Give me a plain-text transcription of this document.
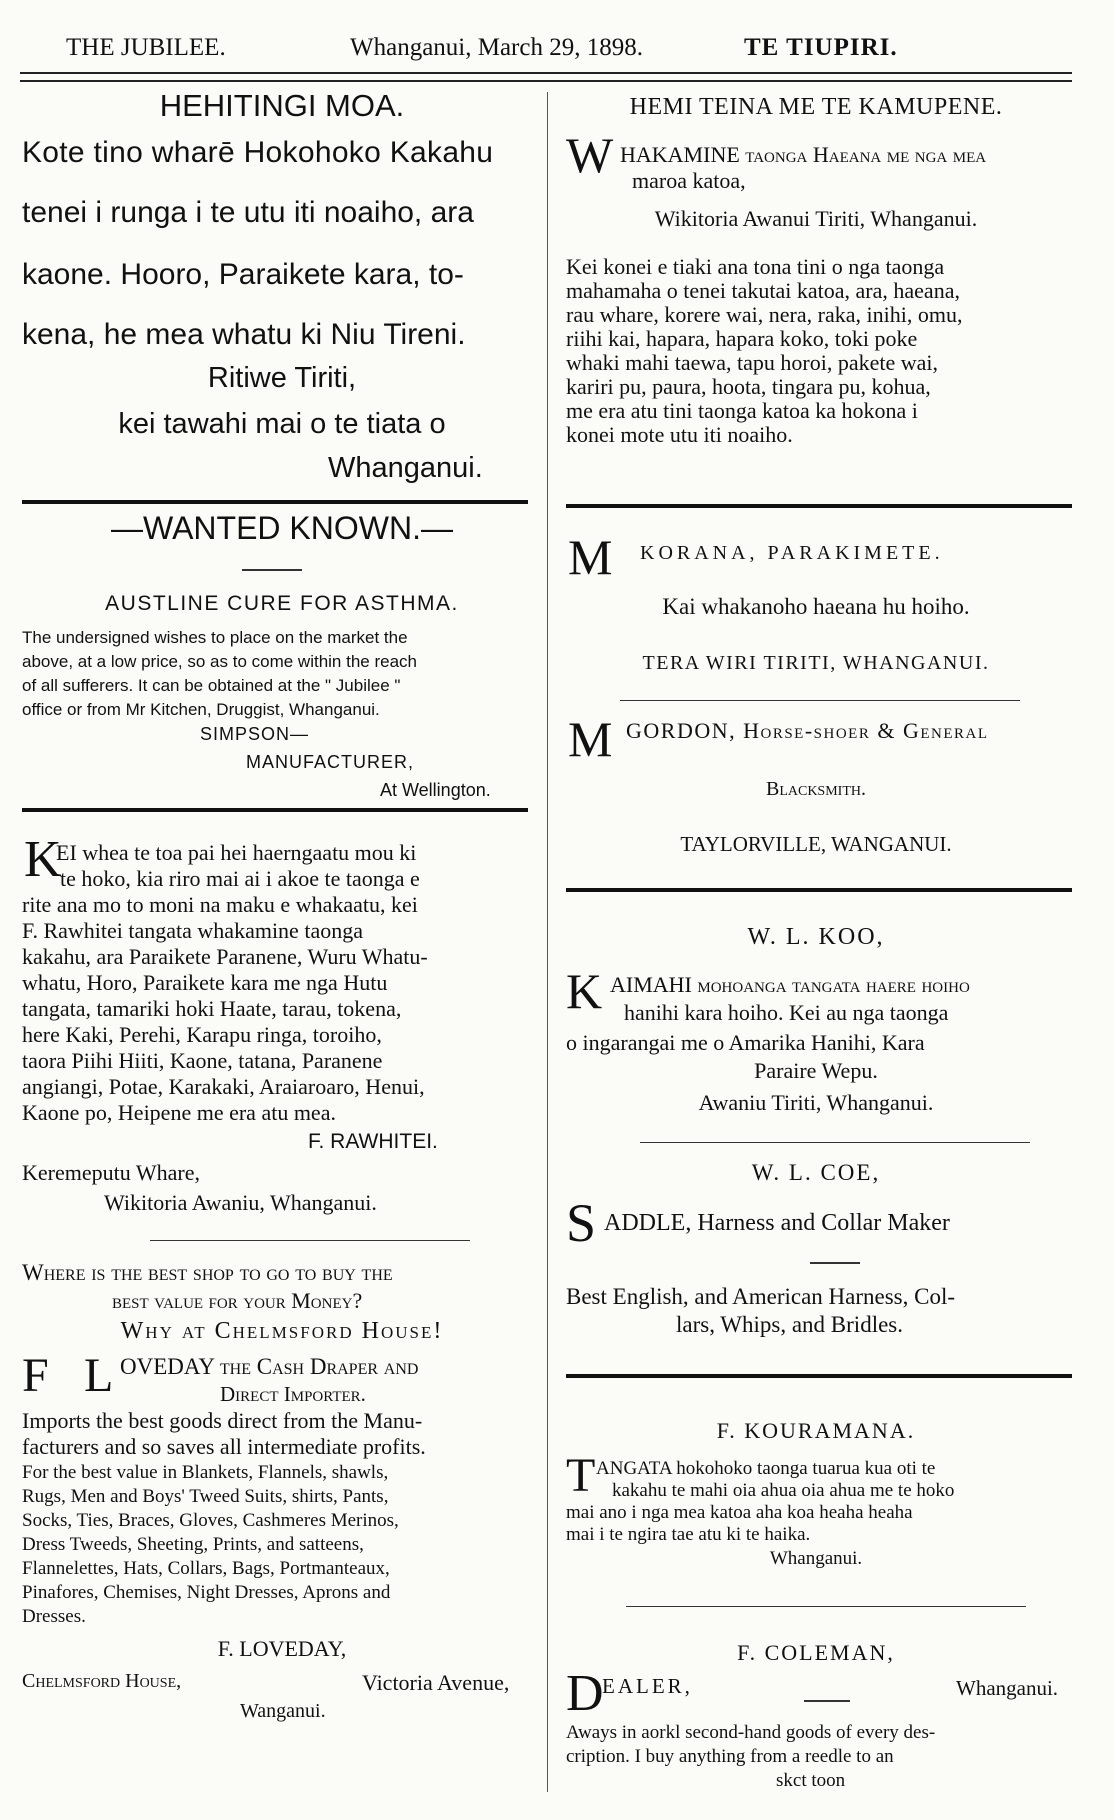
THE JUBILEE.	Whanganui, March 29, 1898.	TE TIUPIRI.
HEHITINGI MOA.
Kote tino wharē Hokohoko Kakahu
tenei i runga i te utu iti noaiho, ara
kaone. Hooro, Paraikete kara, to-
kena, he mea whatu ki Niu Tireni.
Ritiwe Tiriti,
kei tawahi mai o te tiata o
Whanganui.
—WANTED KNOWN.—
AUSTLINE CURE FOR ASTHMA.
The undersigned wishes to place on the market the
above, at a low price, so as to come within the reach
of all sufferers. It can be obtained at the " Jubilee "
office or from Mr Kitchen, Druggist, Whanganui.
SIMPSON—
MANUFACTURER,
At Wellington.
K
EI whea te toa pai hei haerngaatu mou ki
te hoko, kia riro mai ai i akoe te taonga e
rite ana mo to moni na maku e whakaatu, kei
F. Rawhitei tangata whakamine taonga
kakahu, ara Paraikete Paranene, Wuru Whatu-
whatu, Horo, Paraikete kara me nga Hutu
tangata, tamariki hoki Haate, tarau, tokena,
here Kaki, Perehi, Karapu ringa, toroiho,
taora Piihi Hiiti, Kaone, tatana, Paranene
angiangi, Potae, Karakaki, Araiaroaro, Henui,
Kaone po, Heipene me era atu mea.
F. RAWHITEI.
Keremeputu Whare,
Wikitoria Awaniu, Whanganui.
Where is the best shop to go to buy the
best value for your Money?
Why at Chelmsford House!
F L OVEDAY the Cash Draper and
Direct Importer.
Imports the best goods direct from the Manu-
facturers and so saves all intermediate profits.
For the best value in Blankets, Flannels, shawls,
Rugs, Men and Boys' Tweed Suits, shirts, Pants,
Socks, Ties, Braces, Gloves, Cashmeres Merinos,
Dress Tweeds, Sheeting, Prints, and satteens,
Flannelettes, Hats, Collars, Bags, Portmanteaux,
Pinafores, Chemises, Night Dresses, Aprons and
Dresses.
F. LOVEDAY,
Chelmsford House,	Victoria Avenue,
Wanganui.
HEMI TEINA ME TE KAMUPENE.
W HAKAMINE taonga Haeana me nga mea
maroa katoa,
Wikitoria Awanui Tiriti, Whanganui.
Kei konei e tiaki ana tona tini o nga taonga
mahamaha o tenei takutai katoa, ara, haeana,
rau whare, korere wai, nera, raka, inihi, omu,
riihi kai, hapara, hapara koko, toki poke
whaki mahi taewa, tapu horoi, pakete wai,
kariri pu, paura, hoota, tingara pu, kohua,
me era atu tini taonga katoa ka hokona i
konei mote utu iti noaiho.
M KORANA, PARAKIMETE.
Kai whakanoho haeana hu hoiho.
TERA WIRI TIRITI, WHANGANUI.
M GORDON, Horse-shoer & General
Blacksmith.
TAYLORVILLE, WANGANUI.
W. L. KOO,
K AIMAHI mohoanga tangata haere hoiho
hanihi kara hoiho. Kei au nga taonga
o ingarangai me o Amarika Hanihi, Kara
Paraire Wepu.
Awaniu Tiriti, Whanganui.
W. L. COE,
S ADDLE, Harness and Collar Maker
Best English, and American Harness, Col-
lars, Whips, and Bridles.
F. KOURAMANA.
T ANGATA hokohoko taonga tuarua kua oti te
kakahu te mahi oia ahua oia ahua me te hoko
mai ano i nga mea katoa aha koa heaha heaha
mai i te ngira tae atu ki te haika.
Whanganui.
F. COLEMAN,
D
EALER,	Whanganui.
Aways in aorkl second-hand goods of every des-
cription. I buy anything from a reedle to an
skct toon
